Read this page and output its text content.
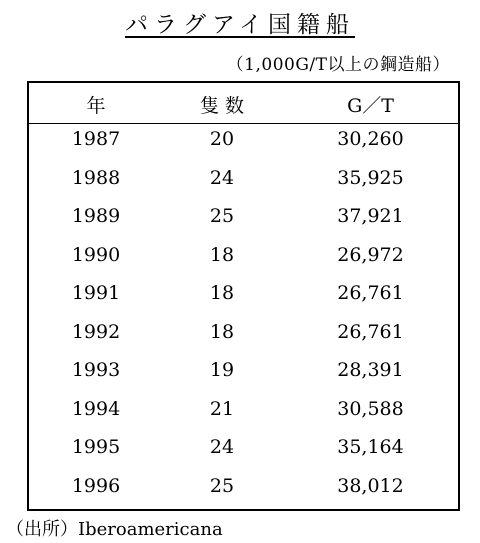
パラグアイ国籍船
（1,000G/T以上の鋼造船）
年	隻 数	G／T
1987	20	30,260
1988	24	35,925
1989	25	37,921
1990	18	26,972
1991	18	26,761
1992	18	26,761
1993	19	28,391
1994	21	30,588
1995	24	35,164
1996	25	38,012
（出所）Iberoamericana
